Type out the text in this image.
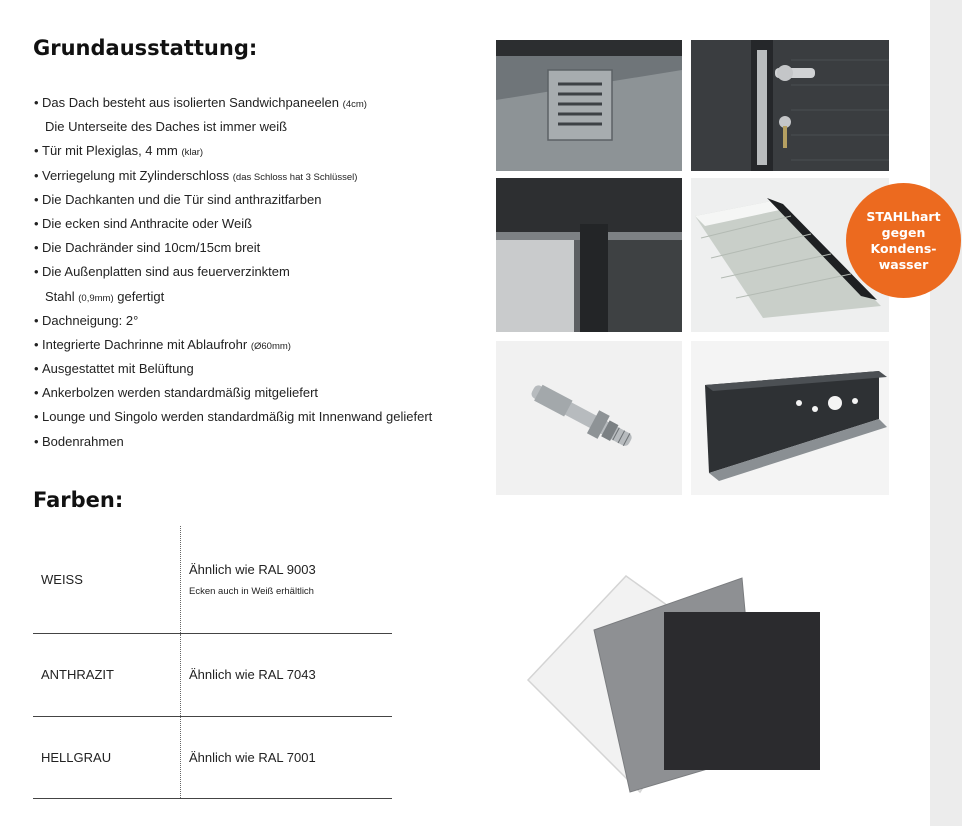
Grundausstattung:
• Das Dach besteht aus isolierten Sandwichpaneelen (4cm)
Die Unterseite des Daches ist immer weiß
• Tür mit Plexiglas, 4 mm (klar)
• Verriegelung mit Zylinderschloss (das Schloss hat 3 Schlüssel)
• Die Dachkanten und die Tür sind anthrazitfarben
• Die ecken sind Anthracite oder Weiß
• Die Dachränder sind 10cm/15cm breit
• Die Außenplatten sind aus feuerverzinktem
Stahl (0,9mm) gefertigt
• Dachneigung: 2°
• Integrierte Dachrinne mit Ablaufrohr (Ø60mm)
• Ausgestattet mit Belüftung
• Ankerbolzen werden standardmäßig mitgeliefert
• Lounge und Singolo werden standardmäßig mit Innenwand geliefert
• Bodenrahmen
STAHLhart
gegen
Kondens-
wasser
Farben:
WEISS	Ähnlich wie RAL 9003
Ecken auch in Weiß erhältlich

ANTHRAZIT	Ähnlich wie RAL 7043
HELLGRAU	Ähnlich wie RAL 7001
